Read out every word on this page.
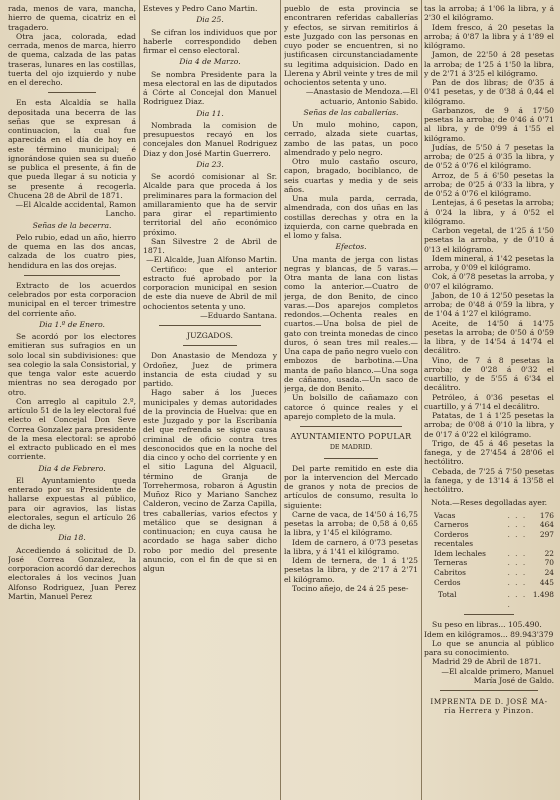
rada, menos de vara, mancha, hierro de quema, cicatriz en el tragadero.

Otra jaca, colorada, edad cerrada, menos de marca, hierro de quema, calzada de las patas traseras, lunares en las costillas, tuerta del ojo izquierdo y nube en el derecho.

En esta Alcaldía se halla depositada una becerra de las señas que se expresan á continuacion, la cual fue aparecida en el día de hoy en este término municipal; é ignorándose quien sea su dueño se publica el presente, á fin de que pueda llegar á su noticia y se presente á recogerla. Chucena 28 de Abril de 1871.

—El Alcalde accidental, Ramon Lancho.

Señas de la becerra.

Pelo rubio, edad un año, hierro de quema en las dos ancas, calzada de los cuatro pies, hendidura en las dos orejas.

Extracto de los acuerdos celebrados por esta corporacion municipal en el tercer trimestre del corriente año.

Dia 1.º de Enero.

Se acordó por los electores emitieran sus sufragios en un solo local sin subdivisiones: que sea colegio la sala Consistorial, y que tenga valor este acuerdo mientras no sea derogado por otro.

Con arreglo al capitulo 2.º, artículo 51 de la ley electoral fué electo el Concejal Don Seve Correa Gonzalez para presidente de la mesa electoral: se aprobó el extracto publicado en el mes corriente.

Dia 4 de Febrero.

El Ayuntamiento queda enterado por su Presidente de hallarse expuestas al público, para oir agravios, las listas electorales, segun el artículo 26 de dicha ley.

Dia 18.

Accediendo á solicitud de D. José Correa Gonzalez, la corporacion acordó dar derechos electorales á los vecinos Juan Alfonso Rodriguez, Juan Perez Martin, Manuel Perez

Esteves y Pedro Cano Martin.

Dia 25.

Se cifran los individuos que por haberle correspondido deben firmar el censo electoral.

Dia 4 de Marzo.

Se nombra Presidente para la mesa electoral en las de diputados á Córte al Concejal don Manuel Rodriguez Diaz.

Dia 11.

Nombrada la comision de presupuestos recayó en los concejales don Manuel Rodriguez Diaz y don José Martin Guerrero.

Dia 23.

Se acordó comisionar al Sr. Alcalde para que proceda á los preliminares para la formacion del amillaramiento que ha de servir para girar el repartimiento territorial del año económico próximo.

San Silvestre 2 de Abril de 1871.

—El Alcalde, Juan Alfonso Martin.

Certifico: que el anterior estracto fué aprobado por la corporacion municipal en sesion de este dia nueve de Abril de mil ochocientos setenta y uno.

—Eduardo Santana.

JUZGADOS.

Don Anastasio de Mendoza y Ordoñez, Juez de primera instancia de esta ciudad y su partido.

Hago saber á los Jueces municipales y demas autoridades de la provincia de Huelva: que en este Juzgado y por la Escribanía del que refrenda se sigue causa criminal de oficio contra tres desconocidos que en la noche del dia cinco y ocho del corriente y en el sitio Laguna del Alguacil, término de Granja de Torrehermosa, robaron á Agustin Muñoz Rico y Mariano Sanchez Calderon, vecino de Zarza Capilla, tres caballerías, varios efectos y metálico que se designan á continuacion; en cuya causa he acordado se haga saber dicho robo por medio del presente anuncio, con el fin de que si en algun

pueblo de esta provincia se encontraren referidas caballerías y efectos, se sirvan remitirlos á este Juzgado con las personas en cuyo poder se encuentren, si no justificasen circunstanciadamente su legitima adquisicion. Dado en Llerena y Abril veinte y tres de mil ochocientos setenta y uno.

—Anastasio de Mendoza.—El actuario, Antonio Sabido.

Señas de las caballerías.

Un mulo mohino, capon, cerrado, alzada siete cuartas, zambo de las patas, un poco almendrado y pelo negro.

Otro mulo castaño oscuro, capon, bragado, bociblanco, de seis cuartas y media y de seis años.

Una mula parda, cerrada, almendrada, con dos uñas en las costillas derechas y otra en la izquierda, con carne quebrada en el lomo y falsa.

Efectos.

Una manta de jerga con listas negras y blancas, de 5 varas.—Otra manta de lana con listas como la anterior.—Cuatro de jerga, de don Benito, de cinco varas.—Dos aparejos completos redondos.—Ochenta reales en cuartos.—Una bolsa de piel de gato con treinta monedas de cinco duros, ó sean tres mil reales.—Una capa de paño negro vuelo con embozos de barbotina.—Una manta de paño blanco.—Una soga de cáñamo, usada.—Un saco de jerga, de don Benito.

Un bolsillo de cañamazo con catorce ó quince reales y el aparejo completo de la mula.

AYUNTAMIENTO POPULAR

DE MADRID.

Del parte remitido en este dia por la intervencion del Mercado de granos y nota de precios de artículos de consumo, resulta lo siguiente:

Carne de vaca, de 14'50 á 16,75 pesetas la arroba; de 0,58 á 0,65 la libra, y 1'45 el kilógramo.

Idem de carnero, á 0'73 pesetas la libra, y á 1'41 el kilógramo.

Idem de ternera, de 1 á 1'25 pesetas la libra, y de 2'17 á 2'71 el kilógramo.

Tocino añejo, de 24 á 25 pese-

tas la arroba; á 1'06 la libra, y á 2'30 el kilógramo.

Idem fresco, á 20 pesetas la arroba; á 0'87 la libra y á 1'89 el kilógramo.

Jamon, de 22'50 á 28 pesetas la arroba; de 1'25 á 1'50 la libra, y de 2'71 á 3'25 el kilógramo.

Pan de dos libras; de 0'35 á 0'41 pesetas, y de 0'38 á 0,44 el kilógramo.

Garbanzos, de 9 á 17'50 pesetas la arroba; de 0'46 á 0'71 al libra, y de 0'99 á 1'55 el kilógramo.

Judías, de 5'50 á 7 pesetas la arroba; de 0'25 á 0'35 la libra, y de 0'52 á 0'76 el kilógramo.

Arroz, de 5 á 6'50 pesetas la arroba; de 0'25 á 0'33 la libra, y de 0'52 á 0'76 el kilógramo.

Lentejas, á 6 pesetas la arroba; á 0'24 la libra, y á 0'52 el kilógramo.

Carbon vegetal, de 1'25 á 1'50 pesetas la arroba, y de 0'10 á 0'13 el kilógramo.

Idem mineral, á 1'42 pesetas la arroba, y 0'09 el kilógramo.

Cok, á 0'78 pesetas la arroba, y 0'07 el kilógramo.

Jabon, de 10 á 12'50 pesetas la arroba; de 0'48 á 0'59 la libra, y de 1'04 á 1'27 el kilógramo.

Aceite, de 14'50 á 14'75 pesetas la arroba; de 0'50 á 0'59 la libra, y de 14'54 á 14'74 el decálitro.

Vino, de 7 á 8 pesetas la arroba; de 0'28 á 0'32 el cuartillo, y de 5'55 á 6'34 el decálitro.

Petróleo, á 0'36 pesetas el cuartillo, y á 7'14 el decálitro.

Patatas, de 1 á 1'25 pesetas la arroba; de 0'08 á 0'10 la libra, y de 0'17 á 0'22 el kilógramo.

Trigo, de 45 á 46 pesetas la fanega, y de 27'454 á 28'06 el hectólitro.

Cebada, de 7'25 á 7'50 pesetas la fanega, y de 13'14 á 13'58 el hectólitro.

Nota.—Reses degolladas ayer.

Vacas	. . .	176
Carneros	. . .	464
Corderos recentales	. . .	297
Idem lechales	. . .	22
Terneras	. . .	70
Cabritos	. . .	24
Cerdos	. . .	445
Total	. . . .	1.498

Su peso en libras... 105.490.

Idem en kilógramos... 89.943'379

Lo que se anuncia al público para su conocimiento.

Madrid 29 de Abril de 1871.

—El alcalde primero, Manuel María José de Galdo.

IMPRENTA DE D. JOSÉ MA-

ría Herrera y Pinzon.
